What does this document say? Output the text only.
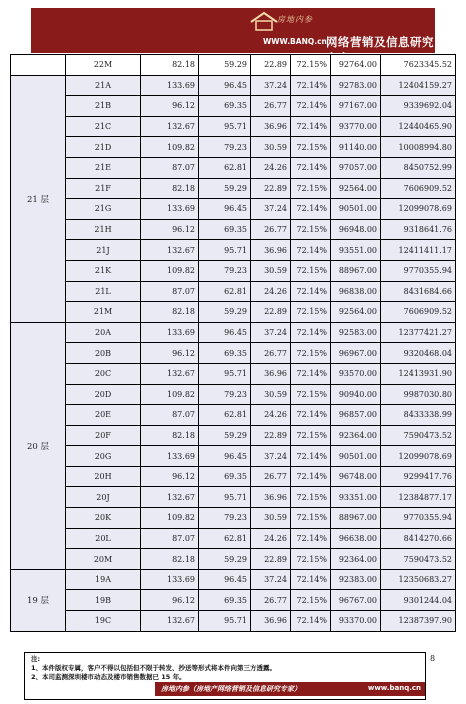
房地内参
WWW.BANQ.cn 网络营销及信息研究专家
	22M	82.18	59.29	22.89	72.15%	92764.00	7623345.52
21 层	21A	133.69	96.45	37.24	72.14%	92783.00	12404159.27
	21B	96.12	69.35	26.77	72.14%	97167.00	9339692.04
	21C	132.67	95.71	36.96	72.14%	93770.00	12440465.90
	21D	109.82	79.23	30.59	72.15%	91140.00	10008994.80
	21E	87.07	62.81	24.26	72.14%	97057.00	8450752.99
	21F	82.18	59.29	22.89	72.15%	92564.00	7606909.52
	21G	133.69	96.45	37.24	72.14%	90501.00	12099078.69
	21H	96.12	69.35	26.77	72.15%	96948.00	9318641.76
	21J	132.67	95.71	36.96	72.14%	93551.00	12411411.17
	21K	109.82	79.23	30.59	72.15%	88967.00	9770355.94
	21L	87.07	62.81	24.26	72.14%	96838.00	8431684.66
	21M	82.18	59.29	22.89	72.15%	92564.00	7606909.52
20 层	20A	133.69	96.45	37.24	72.14%	92583.00	12377421.27
	20B	96.12	69.35	26.77	72.15%	96967.00	9320468.04
	20C	132.67	95.71	36.96	72.14%	93570.00	12413931.90
	20D	109.82	79.23	30.59	72.15%	90940.00	9987030.80
	20E	87.07	62.81	24.26	72.14%	96857.00	8433338.99
	20F	82.18	59.29	22.89	72.15%	92364.00	7590473.52
	20G	133.69	96.45	37.24	72.14%	90501.00	12099078.69
	20H	96.12	69.35	26.77	72.14%	96748.00	9299417.76
	20J	132.67	95.71	36.96	72.15%	93351.00	12384877.17
	20K	109.82	79.23	30.59	72.15%	88967.00	9770355.94
	20L	87.07	62.81	24.26	72.14%	96638.00	8414270.66
	20M	82.18	59.29	22.89	72.15%	92364.00	7590473.52
19 层	19A	133.69	96.45	37.24	72.14%	92383.00	12350683.27
	19B	96.12	69.35	26.77	72.15%	96767.00	9301244.04
	19C	132.67	95.71	36.96	72.14%	93370.00	12387397.90
注:
1、本件版权专属，客户不得以包括但不限于转发、抄送等形式将本件向第三方透露。
2、本司监测深圳楼市动态及楼市销售数据已 15 年。
房地内参（房地产网络营销及信息研究专家）	www.banq.cn
8
